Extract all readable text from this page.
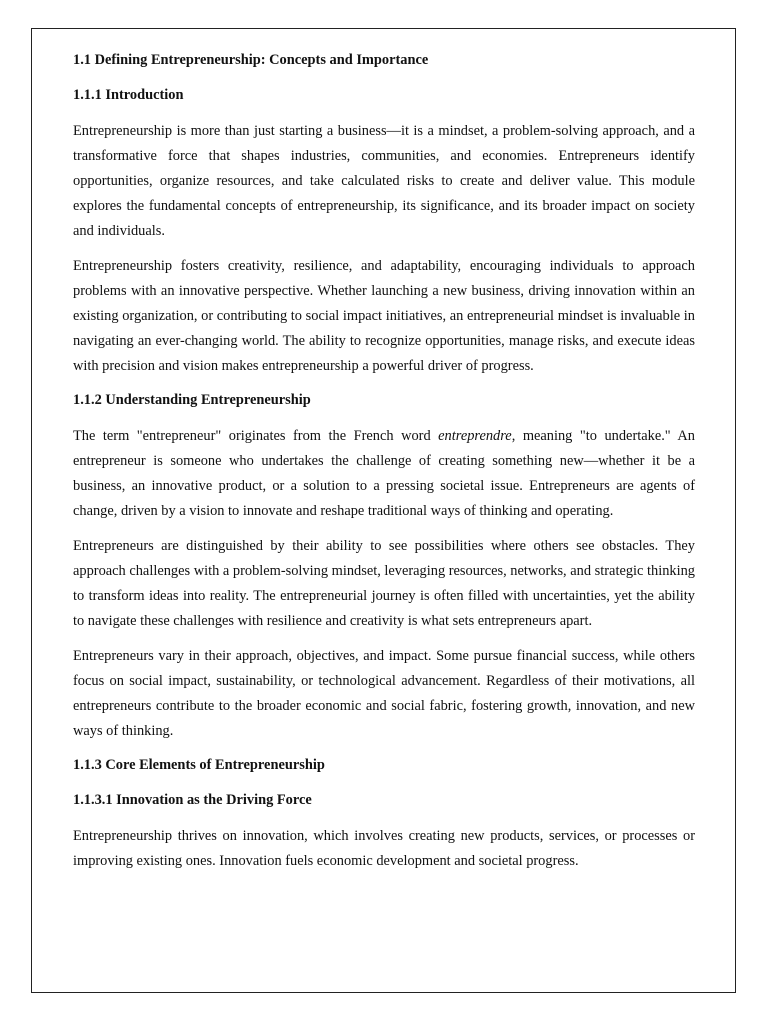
1.1 Defining Entrepreneurship: Concepts and Importance
1.1.1 Introduction

Entrepreneurship is more than just starting a business—it is a mindset, a problem-solving approach, and a transformative force that shapes industries, communities, and economies. Entrepreneurs identify opportunities, organize resources, and take calculated risks to create and deliver value. This module explores the fundamental concepts of entrepreneurship, its significance, and its broader impact on society and individuals.

Entrepreneurship fosters creativity, resilience, and adaptability, encouraging individuals to approach problems with an innovative perspective. Whether launching a new business, driving innovation within an existing organization, or contributing to social impact initiatives, an entrepreneurial mindset is invaluable in navigating an ever-changing world. The ability to recognize opportunities, manage risks, and execute ideas with precision and vision makes entrepreneurship a powerful driver of progress.

1.1.2 Understanding Entrepreneurship

The term "entrepreneur" originates from the French word entreprendre, meaning "to undertake." An entrepreneur is someone who undertakes the challenge of creating something new—whether it be a business, an innovative product, or a solution to a pressing societal issue. Entrepreneurs are agents of change, driven by a vision to innovate and reshape traditional ways of thinking and operating.

Entrepreneurs are distinguished by their ability to see possibilities where others see obstacles. They approach challenges with a problem-solving mindset, leveraging resources, networks, and strategic thinking to transform ideas into reality. The entrepreneurial journey is often filled with uncertainties, yet the ability to navigate these challenges with resilience and creativity is what sets entrepreneurs apart.

Entrepreneurs vary in their approach, objectives, and impact. Some pursue financial success, while others focus on social impact, sustainability, or technological advancement. Regardless of their motivations, all entrepreneurs contribute to the broader economic and social fabric, fostering growth, innovation, and new ways of thinking.

1.1.3 Core Elements of Entrepreneurship
1.1.3.1 Innovation as the Driving Force

Entrepreneurship thrives on innovation, which involves creating new products, services, or processes or improving existing ones. Innovation fuels economic development and societal progress.
